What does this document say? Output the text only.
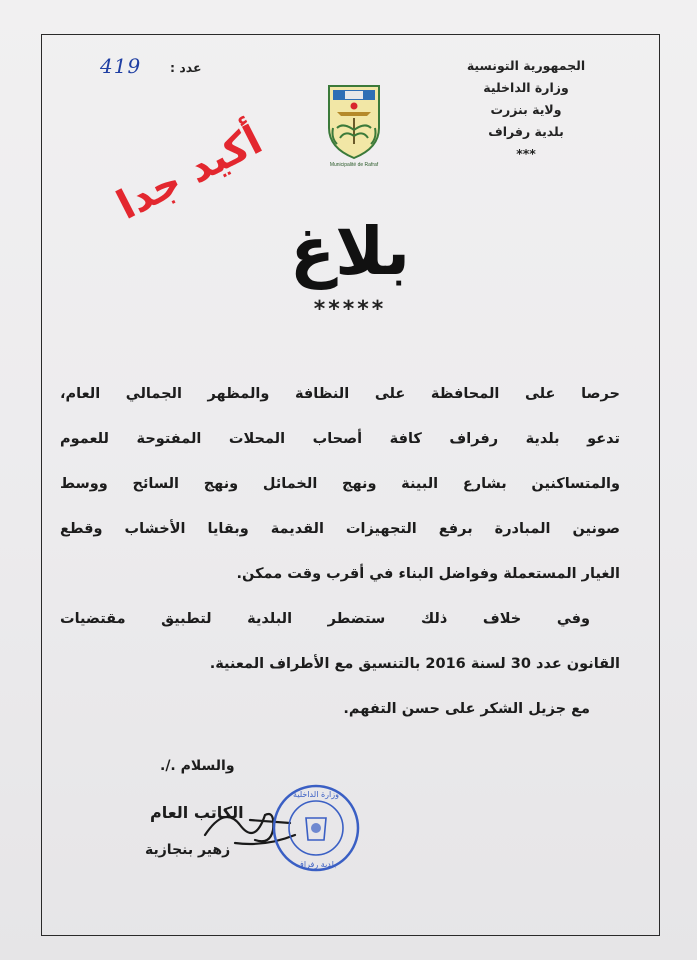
الجمهورية التونسية
وزارة الداخلية
ولاية بنزرت
بلدية رفراف
***
Municipalité de Rafraf
عدد :
419
أكيد جدا
بلاغ
*****

حرصا على المحافظة على النظافة والمظهر الجمالي العام،

تدعو بلدية رفراف كافة أصحاب المحلات المفتوحة للعموم

والمتساكنين بشارع البينة ونهج الخمائل ونهج السائح ووسط

صونين المبادرة برفع التجهيزات القديمة وبقايا الأخشاب وقطع

الغيار المستعملة وفواضل البناء في أقرب وقت ممكن.

وفي خلاف ذلك ستضطر البلدية لتطبيق مقتضيات

القانون عدد 30 لسنة 2016 بالتنسيق مع الأطراف المعنية.

مع جزيل الشكر على حسن التفهم.

والسلام ./.
الكاتب العام
زهير بنجازية
وزارة الداخلية
بلدية رفراف
